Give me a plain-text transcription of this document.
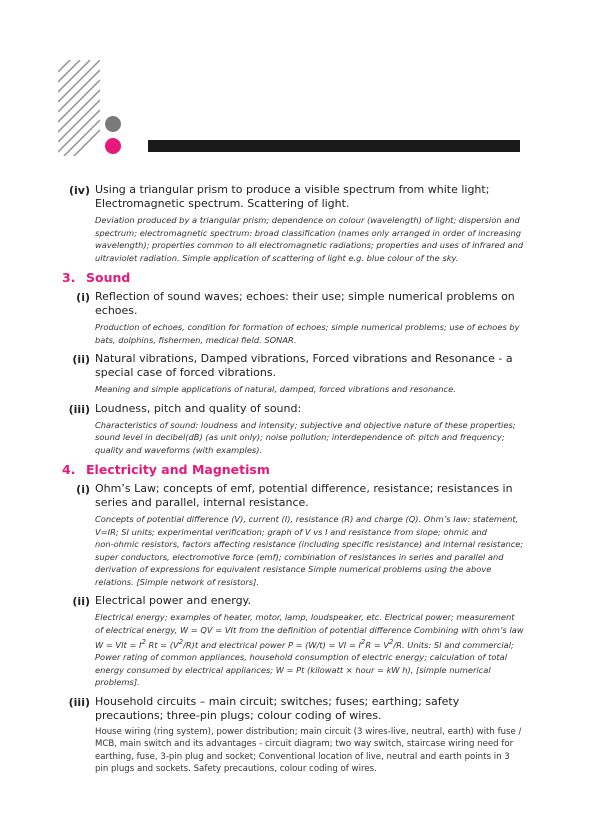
(iv) Using a triangular prism to produce a visible spectrum from white light; Electromagnetic spectrum. Scattering of light.
Deviation produced by a triangular prism; dependence on colour (wavelength) of light; dispersion and spectrum; electromagnetic spectrum: broad classification (names only arranged in order of increasing wavelength); properties common to all electromagnetic radiations; properties and uses of infrared and ultraviolet radiation. Simple application of scattering of light e.g. blue colour of the sky.
3. Sound
(i) Reflection of sound waves; echoes: their use; simple numerical problems on echoes.
Production of echoes, condition for formation of echoes; simple numerical problems; use of echoes by bats, dolphins, fishermen, medical field. SONAR.
(ii) Natural vibrations, Damped vibrations, Forced vibrations and Resonance - a special case of forced vibrations.
Meaning and simple applications of natural, damped, forced vibrations and resonance.
(iii) Loudness, pitch and quality of sound:
Characteristics of sound: loudness and intensity; subjective and objective nature of these properties; sound level in decibel(dB) (as unit only); noise pollution; interdependence of: pitch and frequency; quality and waveforms (with examples).
4. Electricity and Magnetism
(i) Ohm’s Law; concepts of emf, potential difference, resistance; resistances in series and parallel, internal resistance.
Concepts of potential difference (V), current (I), resistance (R) and charge (Q). Ohm’s law: statement, V=IR; SI units; experimental verification; graph of V vs I and resistance from slope; ohmic and
non-ohmic resistors, factors affecting resistance (including specific resistance) and internal resistance; super conductors, electromotive force (emf); combination of resistances in series and parallel and derivation of expressions for equivalent resistance Simple numerical problems using the above relations. [Simple network of resistors].
(ii) Electrical power and energy.
Electrical energy; examples of heater, motor, lamp, loudspeaker, etc. Electrical power; measurement of electrical energy, W = QV = VIt from the definition of potential difference Combining with ohm’s law W = VIt = $I^2$ $Rt = (V^2/R)t$ and electrical power P = (W/t) = VI = $I^2R = V^2/R$. Units: SI and commercial; Power rating of common appliances, household consumption of electric energy; calculation of total energy consumed by electrical appliances; W = Pt (kilowatt × hour = kW h), [simple numerical problems].
(iii) Household circuits – main circuit; switches; fuses; earthing; safety precautions; three-pin plugs; colour coding of wires.
House wiring (ring system), power distribution; main circuit (3 wires-live, neutral, earth) with fuse / MCB, main switch and its advantages - circuit diagram; two way switch, staircase wiring need for earthing, fuse, 3-pin plug and socket; Conventional location of live, neutral and earth points in 3 pin plugs and sockets. Safety precautions, colour coding of wires.
